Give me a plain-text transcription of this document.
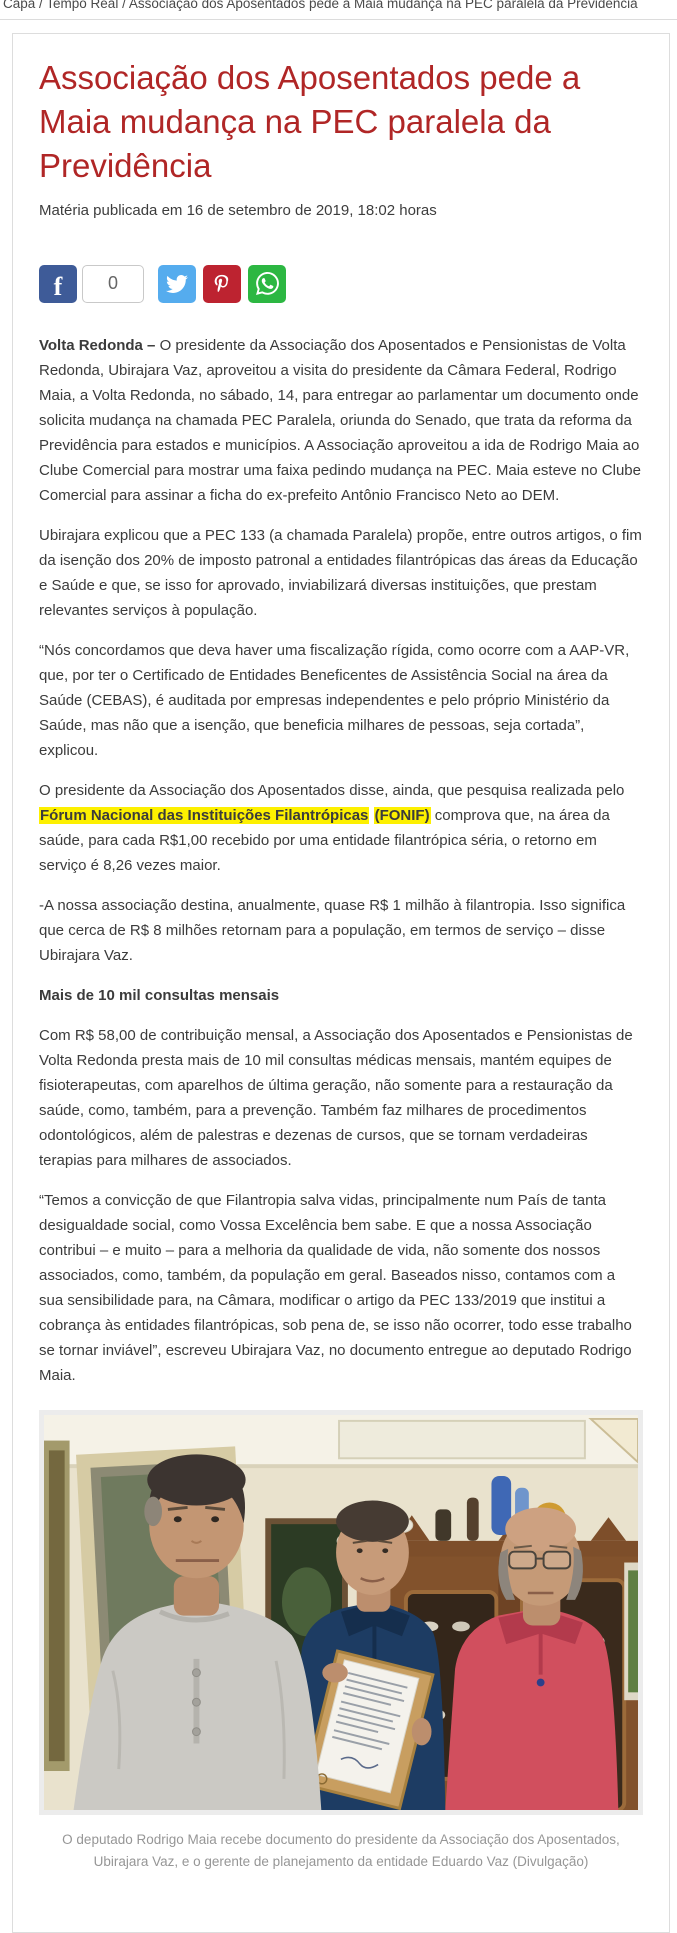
Capa / Tempo Real / Associação dos Aposentados pede a Maia mudança na PEC paralela da Previdência
Associação dos Aposentados pede a Maia mudança na PEC paralela da Previdência
Matéria publicada em 16 de setembro de 2019, 18:02 horas
f	0

Volta Redonda – O presidente da Associação dos Aposentados e Pensionistas de Volta Redonda, Ubirajara Vaz, aproveitou a visita do presidente da Câmara Federal, Rodrigo Maia, a Volta Redonda, no sábado, 14, para entregar ao parlamentar um documento onde solicita mudança na chamada PEC Paralela, oriunda do Senado, que trata da reforma da Previdência para estados e municípios. A Associação aproveitou a ida de Rodrigo Maia ao Clube Comercial para mostrar uma faixa pedindo mudança na PEC. Maia esteve no Clube Comercial para assinar a ficha do ex-prefeito Antônio Francisco Neto ao DEM.

Ubirajara explicou que a PEC 133 (a chamada Paralela) propõe, entre outros artigos, o fim da isenção dos 20% de imposto patronal a entidades filantrópicas das áreas da Educação e Saúde e que, se isso for aprovado, inviabilizará diversas instituições, que prestam relevantes serviços à população.

“Nós concordamos que deva haver uma fiscalização rígida, como ocorre com a AAP-VR, que, por ter o Certificado de Entidades Beneficentes de Assistência Social na área da Saúde (CEBAS), é auditada por empresas independentes e pelo próprio Ministério da Saúde, mas não que a isenção, que beneficia milhares de pessoas, seja cortada”, explicou.

O presidente da Associação dos Aposentados disse, ainda, que pesquisa realizada pelo Fórum Nacional das Instituições Filantrópicas (FONIF) comprova que, na área da saúde, para cada R$1,00 recebido por uma entidade filantrópica séria, o retorno em serviço é 8,26 vezes maior.

-A nossa associação destina, anualmente, quase R$ 1 milhão à filantropia. Isso significa que cerca de R$ 8 milhões retornam para a população, em termos de serviço – disse Ubirajara Vaz.

Mais de 10 mil consultas mensais

Com R$ 58,00 de contribuição mensal, a Associação dos Aposentados e Pensionistas de Volta Redonda presta mais de 10 mil consultas médicas mensais, mantém equipes de fisioterapeutas, com aparelhos de última geração, não somente para a restauração da saúde, como, também, para a prevenção. Também faz milhares de procedimentos odontológicos, além de palestras e dezenas de cursos, que se tornam verdadeiras terapias para milhares de associados.

“Temos a convicção de que Filantropia salva vidas, principalmente num País de tanta desigualdade social, como Vossa Excelência bem sabe. E que a nossa Associação contribui – e muito – para a melhoria da qualidade de vida, não somente dos nossos associados, como, também, da população em geral. Baseados nisso, contamos com a sua sensibilidade para, na Câmara, modificar o artigo da PEC 133/2019 que institui a cobrança às entidades filantrópicas, sob pena de, se isso não ocorrer, todo esse trabalho se tornar inviável”, escreveu Ubirajara Vaz, no documento entregue ao deputado Rodrigo Maia.

O deputado Rodrigo Maia recebe documento do presidente da Associação dos Aposentados, Ubirajara Vaz, e o gerente de planejamento da entidade Eduardo Vaz (Divulgação)
